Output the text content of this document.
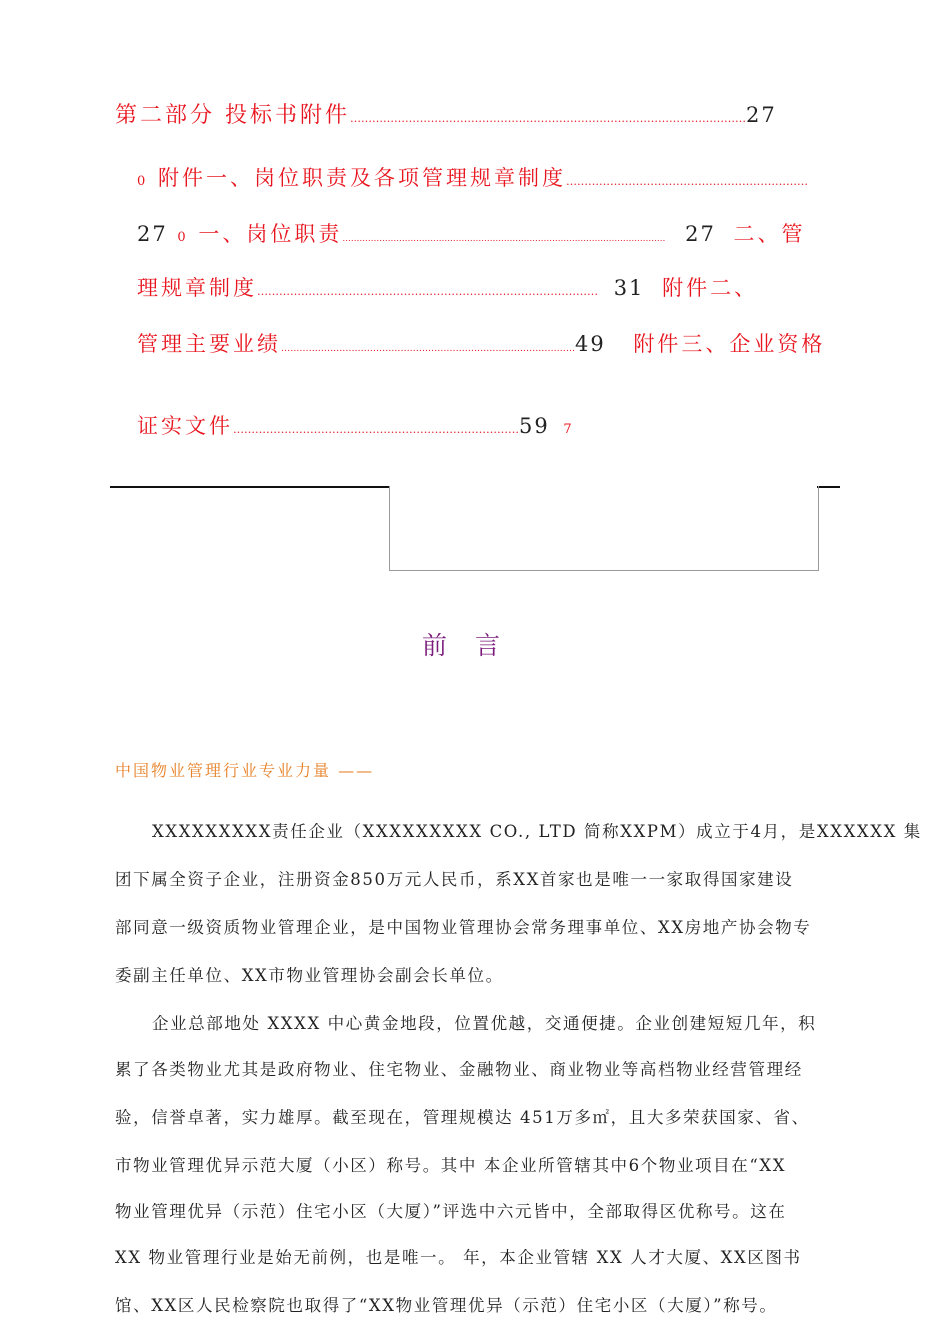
第二部分 投标书附件………………………………………………………………………………………………27
0 附件一、岗位职责及各项管理规章制度…………………………………………………………
27 0 一、岗位职责…………………………………………………………………………………………………… 27 二、管
理规章制度………………………………………………………………………………… 31 附件二、
管理主要业绩……………………………………………………………………………………49 附件三、企业资格
证实文件……………………………………………………………………59 7
前言
中国物业管理行业专业力量 ——
XXXXXXXXX责任企业（XXXXXXXXX CO., LTD 简称XXPM）成立于4月，是XXXXXX 集
团下属全资子企业，注册资金850万元人民币，系XX首家也是唯一一家取得国家建设
部同意一级资质物业管理企业，是中国物业管理协会常务理事单位、XX房地产协会物专
委副主任单位、XX市物业管理协会副会长单位。
企业总部地处 XXXX 中心黄金地段，位置优越，交通便捷。企业创建短短几年，积
累了各类物业尤其是政府物业、住宅物业、金融物业、商业物业等高档物业经营管理经
验，信誉卓著，实力雄厚。截至现在，管理规模达 451万多㎡，且大多荣获国家、省、
市物业管理优异示范大厦（小区）称号。其中 本企业所管辖其中6个物业项目在“XX
物业管理优异（示范）住宅小区（大厦）”评选中六元皆中，全部取得区优称号。这在
XX 物业管理行业是始无前例，也是唯一。 年，本企业管辖 XX 人才大厦、XX区图书
馆、XX区人民检察院也取得了“XX物业管理优异（示范）住宅小区（大厦）”称号。
